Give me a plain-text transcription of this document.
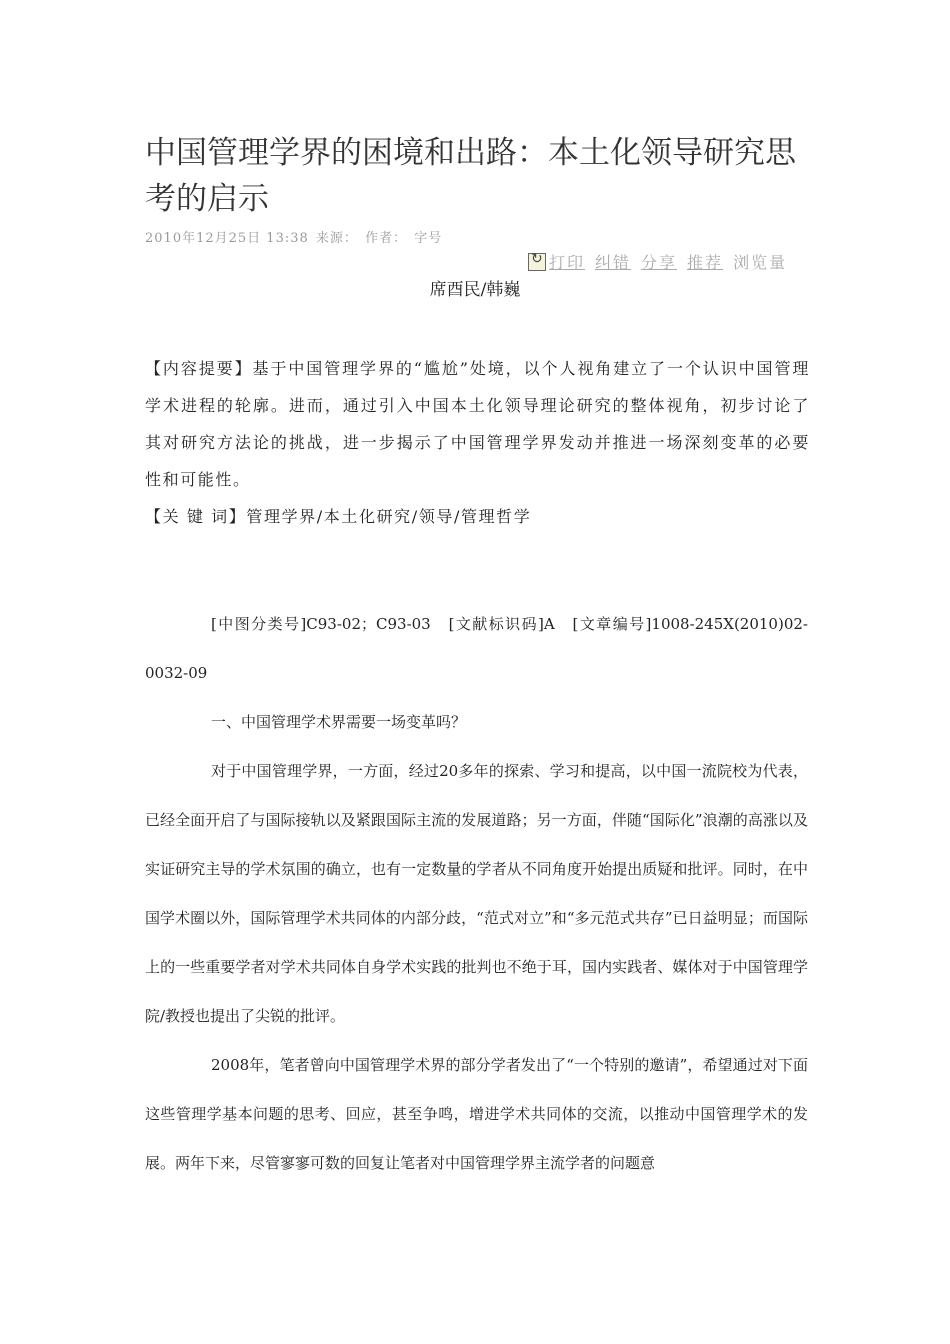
中国管理学界的困境和出路：本土化领导研究思考的启示
2010年12月25日 13:38 来源： 作者： 字号
↻打印 纠错 分享 推荐 浏览量
席酉民/韩巍
【内容提要】基于中国管理学界的“尴尬”处境，以个人视角建立了一个认识中国管理学术进程的轮廓。进而，通过引入中国本土化领导理论研究的整体视角，初步讨论了其对研究方法论的挑战，进一步揭示了中国管理学界发动并推进一场深刻变革的必要性和可能性。
【关 键 词】管理学界/本土化研究/领导/管理哲学

[中图分类号]C93-02；C93-03　[文献标识码]A　[文章编号]1008-245X(2010)02-0032-09

一、中国管理学术界需要一场变革吗？

对于中国管理学界，一方面，经过20多年的探索、学习和提高，以中国一流院校为代表，已经全面开启了与国际接轨以及紧跟国际主流的发展道路；另一方面，伴随“国际化”浪潮的高涨以及实证研究主导的学术氛围的确立，也有一定数量的学者从不同角度开始提出质疑和批评。同时，在中国学术圈以外，国际管理学术共同体的内部分歧，“范式对立”和“多元范式共存”已日益明显；而国际上的一些重要学者对学术共同体自身学术实践的批判也不绝于耳，国内实践者、媒体对于中国管理学院/教授也提出了尖锐的批评。

2008年，笔者曾向中国管理学术界的部分学者发出了“一个特别的邀请”，希望通过对下面这些管理学基本问题的思考、回应，甚至争鸣，增进学术共同体的交流，以推动中国管理学术的发展。两年下来，尽管寥寥可数的回复让笔者对中国管理学界主流学者的问题意
